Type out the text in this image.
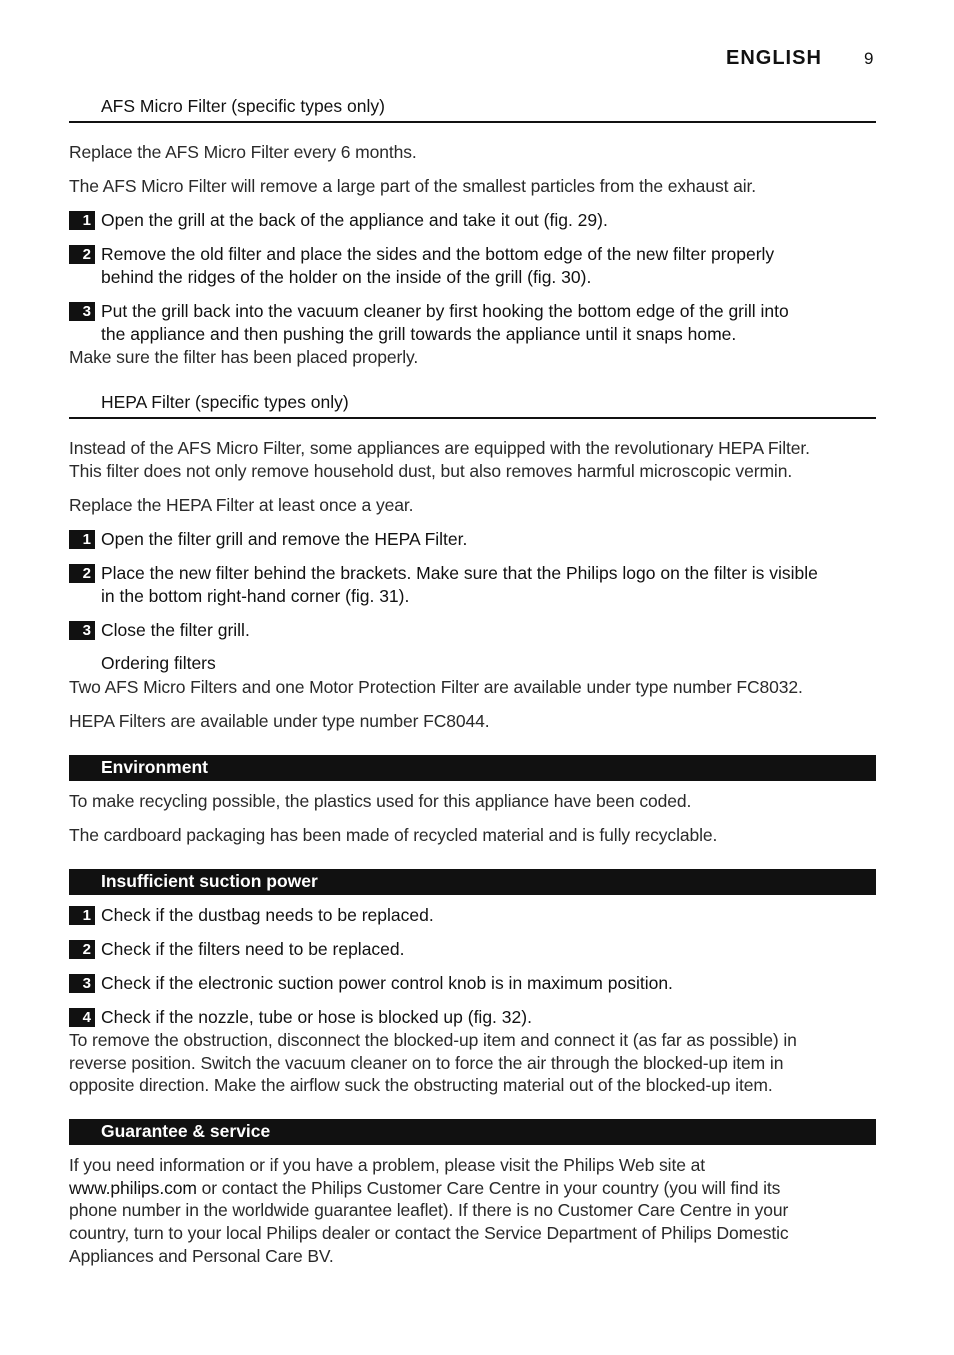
ENGLISH 9
AFS Micro Filter (specific types only)
Replace the AFS Micro Filter every 6 months.
The AFS Micro Filter will remove a large part of the smallest particles from the exhaust air.
1 Open the grill at the back of the appliance and take it out (fig. 29).
2 Remove the old filter and place the sides and the bottom edge of the new filter properly
behind the ridges of the holder on the inside of the grill (fig. 30).
3 Put the grill back into the vacuum cleaner by first hooking the bottom edge of the grill into
the appliance and then pushing the grill towards the appliance until it snaps home.
Make sure the filter has been placed properly.
HEPA Filter (specific types only)
Instead of the AFS Micro Filter, some appliances are equipped with the revolutionary HEPA Filter.
This filter does not only remove household dust, but also removes harmful microscopic vermin.
Replace the HEPA Filter at least once a year.
1 Open the filter grill and remove the HEPA Filter.
2 Place the new filter behind the brackets. Make sure that the Philips logo on the filter is visible
in the bottom right-hand corner (fig. 31).
3 Close the filter grill.
Ordering filters
Two AFS Micro Filters and one Motor Protection Filter are available under type number FC8032.
HEPA Filters are available under type number FC8044.
Environment
To make recycling possible, the plastics used for this appliance have been coded.
The cardboard packaging has been made of recycled material and is fully recyclable.
Insufficient suction power
1 Check if the dustbag needs to be replaced.
2 Check if the filters need to be replaced.
3 Check if the electronic suction power control knob is in maximum position.
4 Check if the nozzle, tube or hose is blocked up (fig. 32).
To remove the obstruction, disconnect the blocked-up item and connect it (as far as possible) in
reverse position. Switch the vacuum cleaner on to force the air through the blocked-up item in
opposite direction. Make the airflow suck the obstructing material out of the blocked-up item.
Guarantee & service
If you need information or if you have a problem, please visit the Philips Web site at
www.philips.com or contact the Philips Customer Care Centre in your country (you will find its
phone number in the worldwide guarantee leaflet). If there is no Customer Care Centre in your
country, turn to your local Philips dealer or contact the Service Department of Philips Domestic
Appliances and Personal Care BV.
